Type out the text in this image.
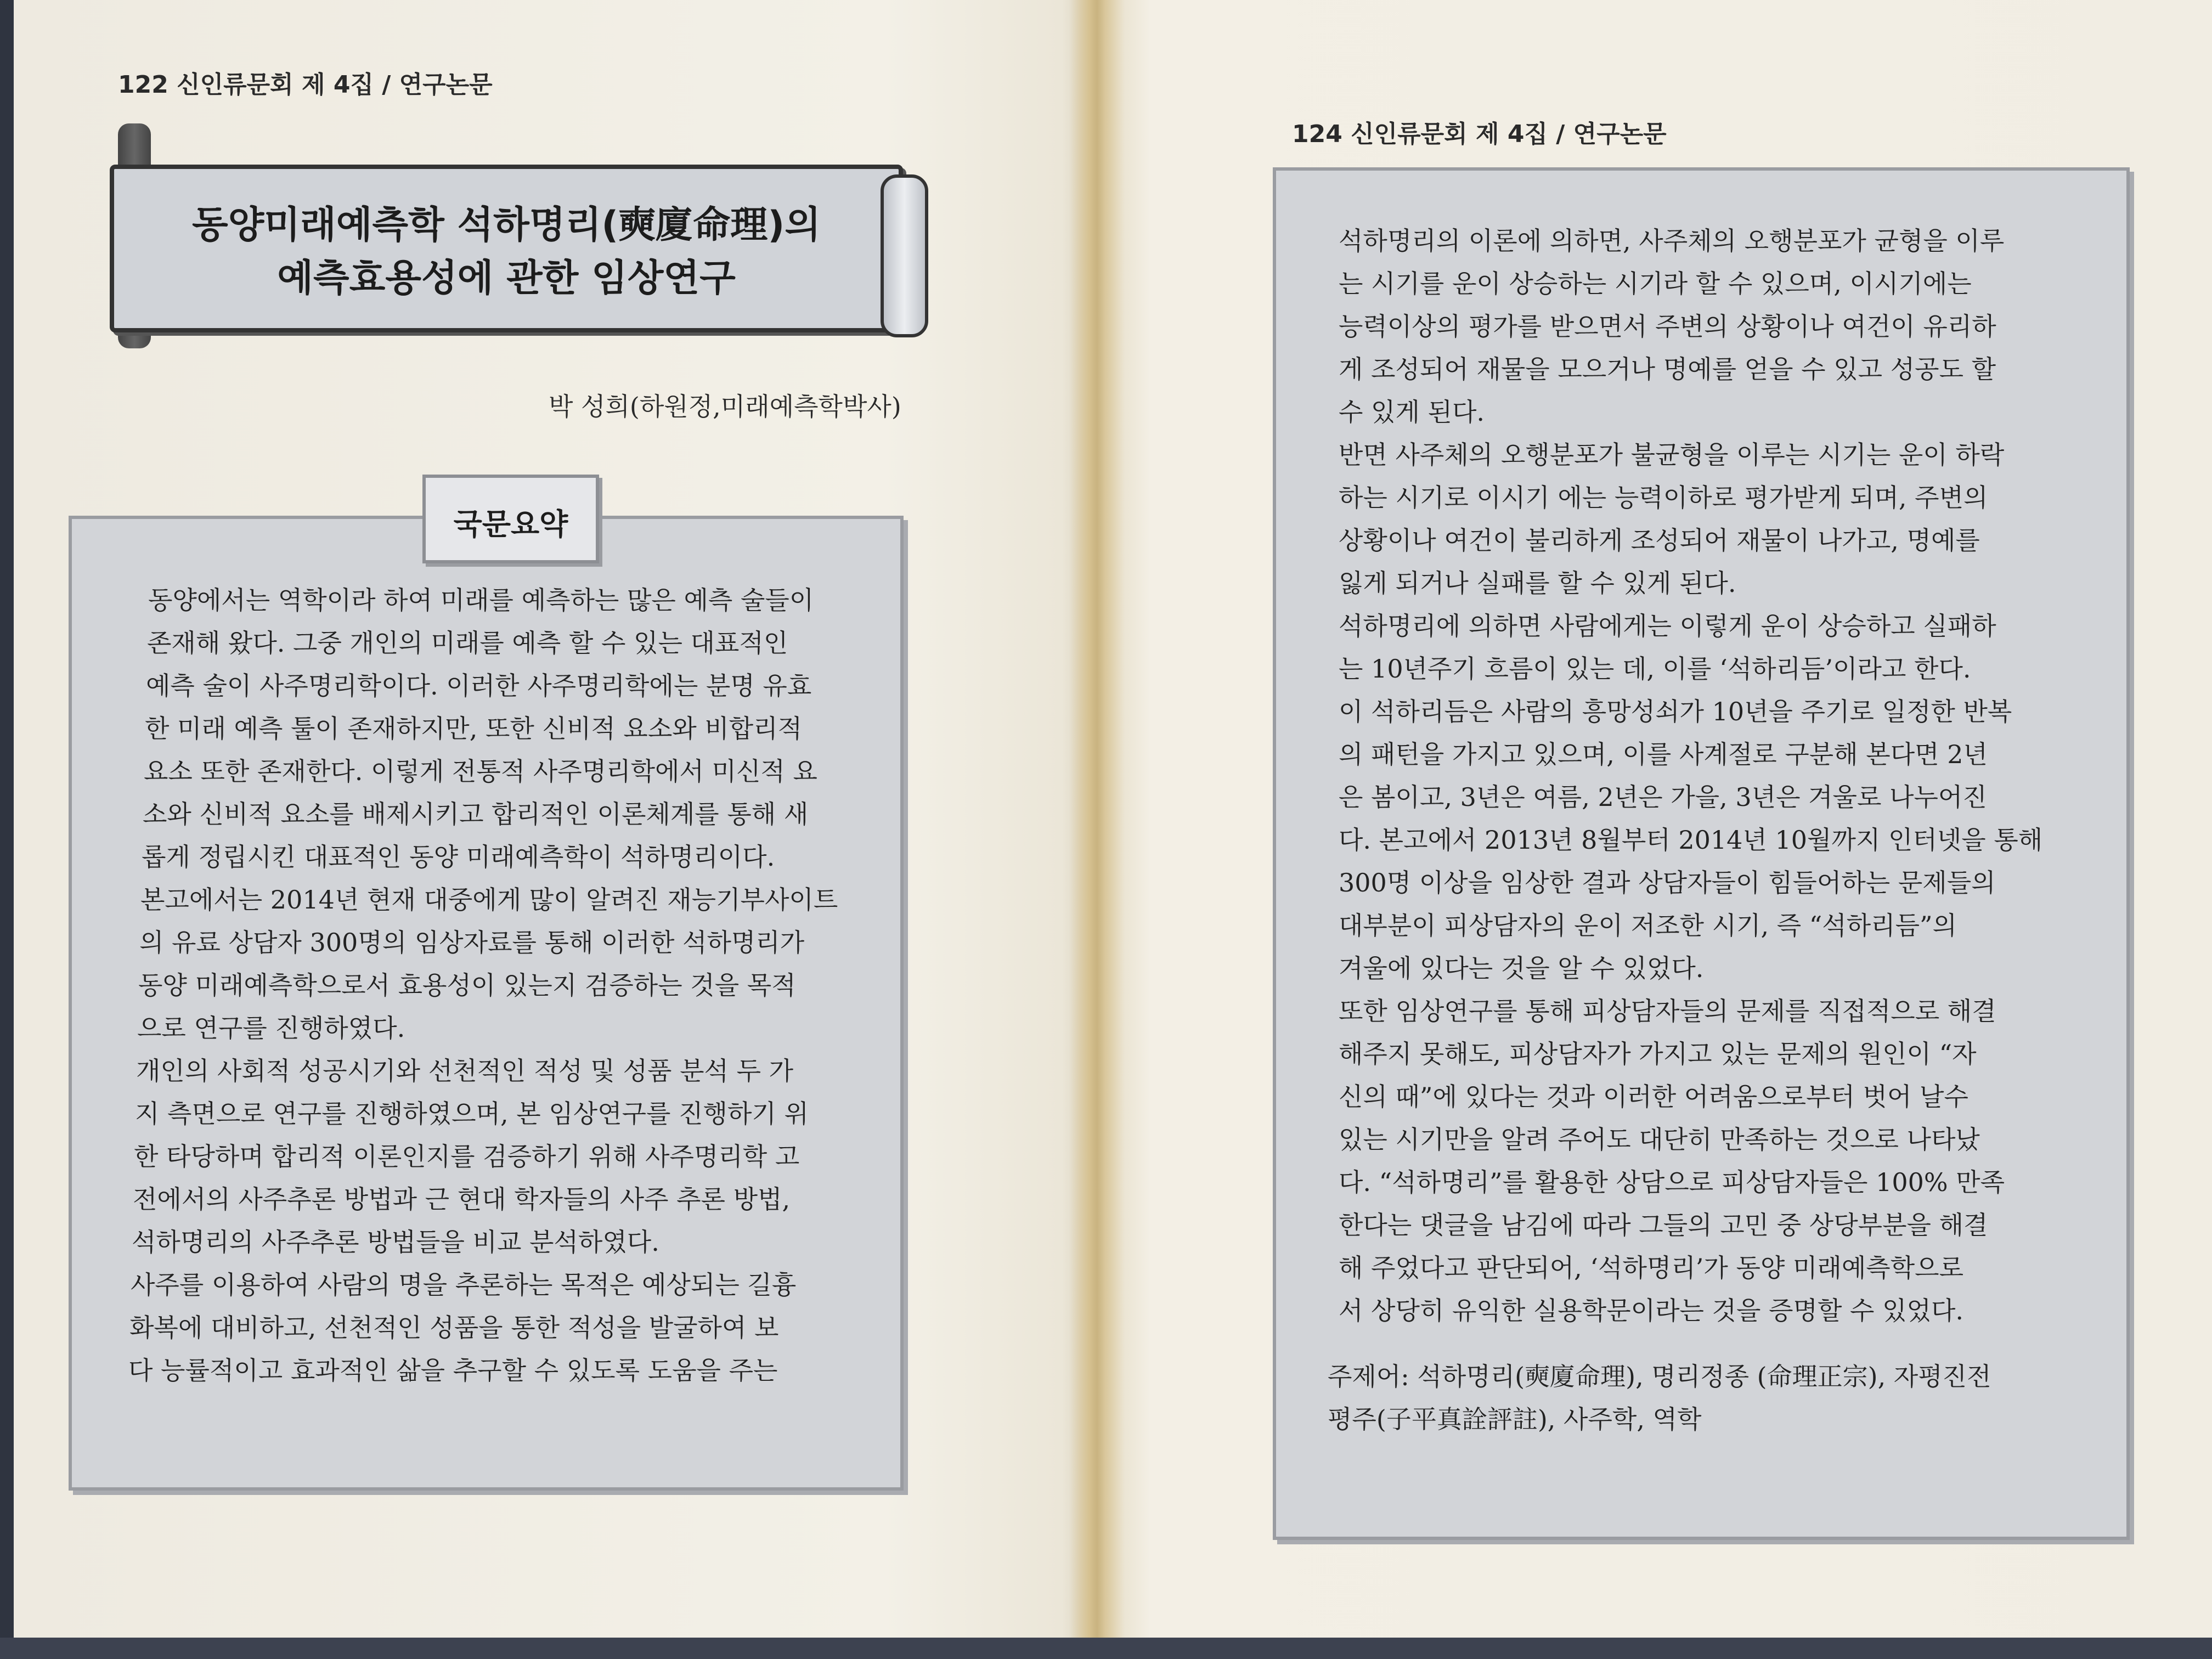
122 신인류문회 제 4집 / 연구논문
동양미래예측학 석하명리(奭廈命理)의
예측효용성에 관한 임상연구
박 성희(하원정,미래예측학박사)
국문요약
동양에서는 역학이라 하여 미래를 예측하는 많은 예측 술들이
존재해 왔다. 그중 개인의 미래를 예측 할 수 있는 대표적인
예측 술이 사주명리학이다. 이러한 사주명리학에는 분명 유효
한 미래 예측 툴이 존재하지만, 또한 신비적 요소와 비합리적
요소 또한 존재한다. 이렇게 전통적 사주명리학에서 미신적 요
소와 신비적 요소를 배제시키고 합리적인 이론체계를 통해 새
롭게 정립시킨 대표적인 동양 미래예측학이 석하명리이다.
본고에서는 2014년 현재 대중에게 많이 알려진 재능기부사이트
의 유료 상담자 300명의 임상자료를 통해 이러한 석하명리가
동양 미래예측학으로서 효용성이 있는지 검증하는 것을 목적
으로 연구를 진행하였다.
개인의 사회적 성공시기와 선천적인 적성 및 성품 분석 두 가
지 측면으로 연구를 진행하였으며, 본 임상연구를 진행하기 위
한 타당하며 합리적 이론인지를 검증하기 위해 사주명리학 고
전에서의 사주추론 방법과 근 현대 학자들의 사주 추론 방법,
석하명리의 사주추론 방법들을 비교 분석하였다.
사주를 이용하여 사람의 명을 추론하는 목적은 예상되는 길흉
화복에 대비하고, 선천적인 성품을 통한 적성을 발굴하여 보
다 능률적이고 효과적인 삶을 추구할 수 있도록 도움을 주는
124 신인류문회 제 4집 / 연구논문
석하명리의 이론에 의하면, 사주체의 오행분포가 균형을 이루
는 시기를 운이 상승하는 시기라 할 수 있으며, 이시기에는
능력이상의 평가를 받으면서 주변의 상황이나 여건이 유리하
게 조성되어 재물을 모으거나 명예를 얻을 수 있고 성공도 할
수 있게 된다.
반면 사주체의 오행분포가 불균형을 이루는 시기는 운이 하락
하는 시기로 이시기 에는 능력이하로 평가받게 되며, 주변의
상황이나 여건이 불리하게 조성되어 재물이 나가고, 명예를
잃게 되거나 실패를 할 수 있게 된다.
석하명리에 의하면 사람에게는 이렇게 운이 상승하고 실패하
는 10년주기 흐름이 있는 데, 이를 ‘석하리듬’이라고 한다.
이 석하리듬은 사람의 흥망성쇠가 10년을 주기로 일정한 반복
의 패턴을 가지고 있으며, 이를 사계절로 구분해 본다면 2년
은 봄이고, 3년은 여름, 2년은 가을, 3년은 겨울로 나누어진
다. 본고에서 2013년 8월부터 2014년 10월까지 인터넷을 통해
300명 이상을 임상한 결과 상담자들이 힘들어하는 문제들의
대부분이 피상담자의 운이 저조한 시기, 즉 “석하리듬”의
겨울에 있다는 것을 알 수 있었다.
또한 임상연구를 통해 피상담자들의 문제를 직접적으로 해결
해주지 못해도, 피상담자가 가지고 있는 문제의 원인이 “자
신의 때”에 있다는 것과 이러한 어려움으로부터 벗어 날수
있는 시기만을 알려 주어도 대단히 만족하는 것으로 나타났
다. “석하명리”를 활용한 상담으로 피상담자들은 100% 만족
한다는 댓글을 남김에 따라 그들의 고민 중 상당부분을 해결
해 주었다고 판단되어, ‘석하명리’가 동양 미래예측학으로
서 상당히 유익한 실용학문이라는 것을 증명할 수 있었다.
주제어: 석하명리(奭廈命理), 명리정종 (命理正宗), 자평진전
평주(子平真詮評註), 사주학, 역학
